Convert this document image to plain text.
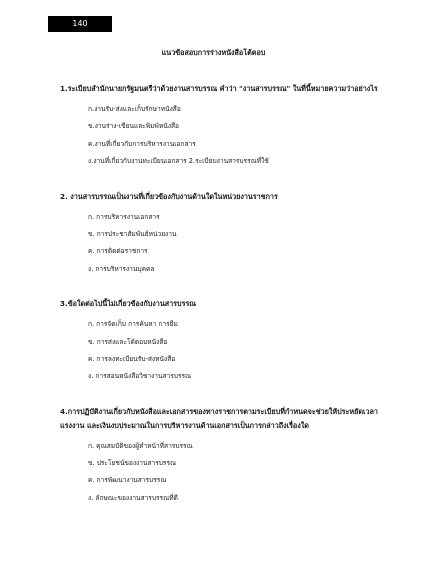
140
แนวข้อสอบการร่างหนังสือโต้ตอบ

1.ระเบียบสำนักนายกรัฐมนตรีว่าด้วยงานสารบรรณ คำว่า "งานสารบรรณ" ในที่นี้หมายความว่าอย่างไร

ก.งานรับ-ส่งและเก็บรักษาหนังสือ
ข.งานร่าง-เขียนและพิมพ์หนังสือ
ค.งานที่เกี่ยวกับการบริหารงานเอกสาร
ง.งานที่เกี่ยวกับงานทะเบียนเอกสาร 2.ระเบียบงานสารบรรณที่ใช้

2. งานสารบรรณเป็นงานที่เกี่ยวข้องกับงานด้านใดในหน่วยงานราชการ

ก. การบริหารงานเอกสาร
ข. การประชาสัมพันธ์หน่วยงาน
ค. การติดต่อราชการ
ง. การบริหารงานบุคคล

3.ข้อใดต่อไปนี้ไม่เกี่ยวข้องกับงานสารบรรณ

ก. การจัดเก็บ การค้นหา การยืม
ข. การส่งและโต้ตอบหนังสือ
ค. การลงทะเบียนรับ-ส่งหนังสือ
ง. การสอนหนังสือวิชางานสารบรรณ

4.การปฏิบัติงานเกี่ยวกับหนังสือและเอกสารของทางราชการตามระเบียบที่กำหนดจะช่วยให้ประหยัดเวลา แรงงาน และเงินงบประมาณในการบริหารงานด้านเอกสารเป็นการกล่าวถึงเรื่องใด

ก. คุณสมบัติของผู้ทำหน้าที่สารบรรณ
ข. ประโยชน์ของงานสารบรรณ
ค. การพัฒนางานสารบรรณ
ง. ลักษณะของงานสารบรรณที่ดี
